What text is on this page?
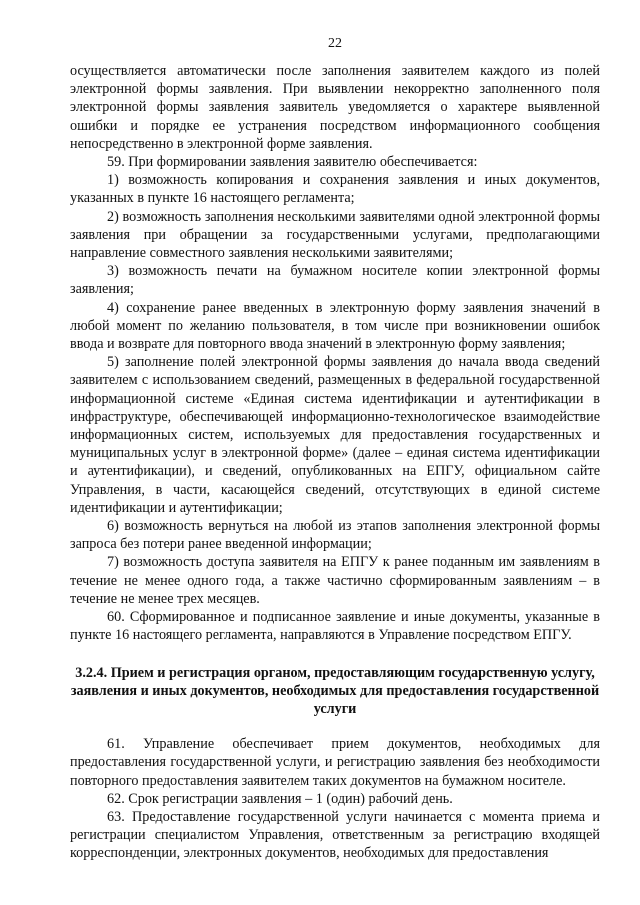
22

осуществляется автоматически после заполнения заявителем каждого из полей электронной формы заявления. При выявлении некорректно заполненного поля электронной формы заявления заявитель уведомляется о характере выявленной ошибки и порядке ее устранения посредством информационного сообщения непосредственно в электронной форме заявления.

59. При формировании заявления заявителю обеспечивается:

1) возможность копирования и сохранения заявления и иных документов, указанных в пункте 16 настоящего регламента;

2) возможность заполнения несколькими заявителями одной электронной формы заявления при обращении за государственными услугами, предполагающими направление совместного заявления несколькими заявителями;

3) возможность печати на бумажном носителе копии электронной формы заявления;

4) сохранение ранее введенных в электронную форму заявления значений в любой момент по желанию пользователя, в том числе при возникновении ошибок ввода и возврате для повторного ввода значений в электронную форму заявления;

5) заполнение полей электронной формы заявления до начала ввода сведений заявителем с использованием сведений, размещенных в федеральной государственной информационной системе «Единая система идентификации и аутентификации в инфраструктуре, обеспечивающей информационно-технологическое взаимодействие информационных систем, используемых для предоставления государственных и муниципальных услуг в электронной форме» (далее – единая система идентификации и аутентификации), и сведений, опубликованных на ЕПГУ, официальном сайте Управления, в части, касающейся сведений, отсутствующих в единой системе идентификации и аутентификации;

6) возможность вернуться на любой из этапов заполнения электронной формы запроса без потери ранее введенной информации;

7) возможность доступа заявителя на ЕПГУ к ранее поданным им заявлениям в течение не менее одного года, а также частично сформированным заявлениям – в течение не менее трех месяцев.

60. Сформированное и подписанное заявление и иные документы, указанные в пункте 16 настоящего регламента, направляются в Управление посредством ЕПГУ.

3.2.4. Прием и регистрация органом, предоставляющим государственную услугу, заявления и иных документов, необходимых для предоставления государственной услуги

61. Управление обеспечивает прием документов, необходимых для предоставления государственной услуги, и регистрацию заявления без необходимости повторного предоставления заявителем таких документов на бумажном носителе.

62. Срок регистрации заявления – 1 (один) рабочий день.

63. Предоставление государственной услуги начинается с момента приема и регистрации специалистом Управления, ответственным за регистрацию входящей корреспонденции, электронных документов, необходимых для предоставления
